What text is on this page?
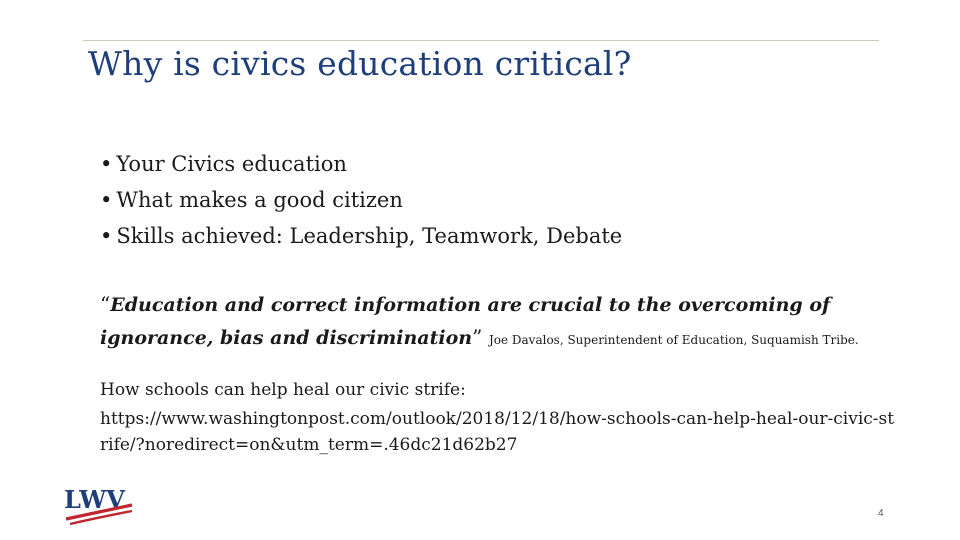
Why is civics education critical?
• Your Civics education
• What makes a good citizen
• Skills achieved: Leadership, Teamwork, Debate
“Education and correct information are crucial to the overcoming of ignorance, bias and discrimination” Joe Davalos, Superintendent of Education, Suquamish Tribe.
How schools can help heal our civic strife:
https://www.washingtonpost.com/outlook/2018/12/18/how-schools-can-help-heal-our-civic-strife/?noredirect=on&utm_term=.46dc21d62b27
LWV	4
